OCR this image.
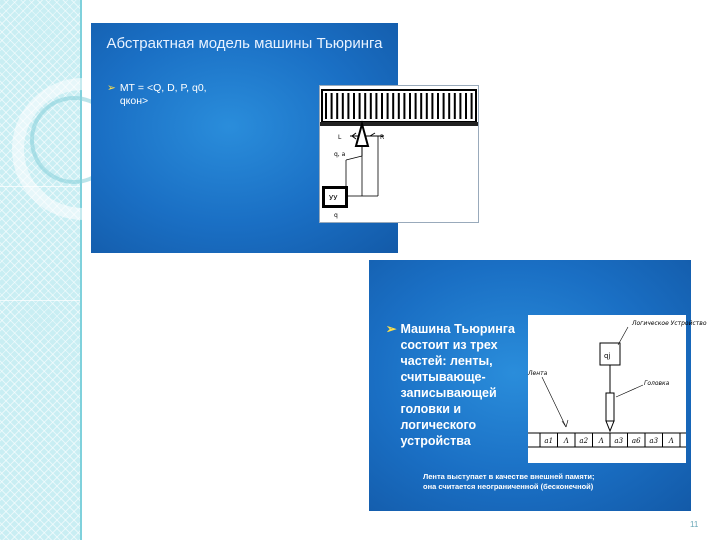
Абстрактная модель машины Тьюринга
➢ МТ = <Q, D, P, q0, qкон>
L	R
q, a
УУ
q
➢ Машина Тьюринга состоит из трех частей: ленты, считывающе-записывающей головки и логического устройства
qj
Логическое Устройство
Лента
Головка
a1 Λ a2 Λ a3 a6 a3 Λ
Лента выступает в качестве внешней памяти; она считается неограниченной (бесконечной)
11
